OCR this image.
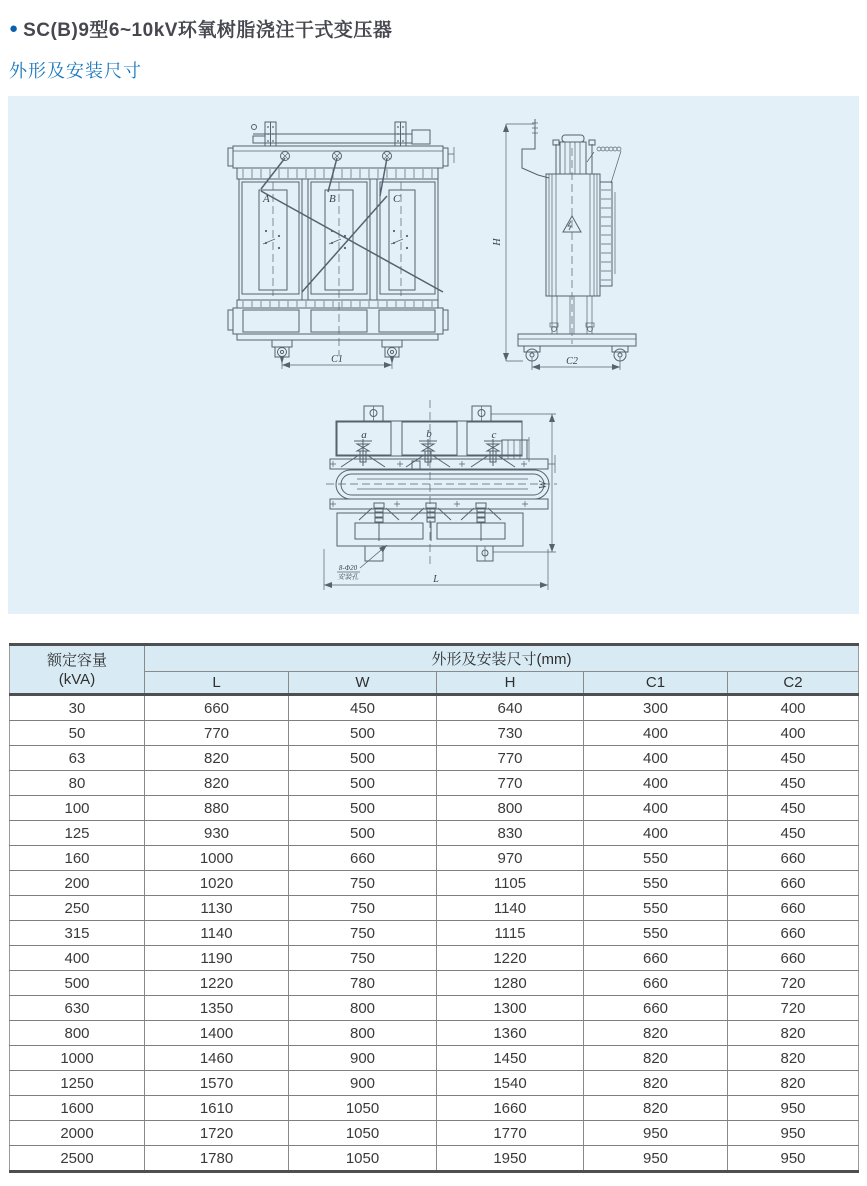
● SC(B)9型6~10kV环氧树脂浇注干式变压器
外形及安装尺寸
C1
A	B	C
H
C2
8-Φ20
安装孔	L
W
a	b	c
额定容量
(kVA)	外形及安装尺寸(mm)				
	L	W	H	C1	C2
30	660	450	640	300	400
50	770	500	730	400	400
63	820	500	770	400	450
80	820	500	770	400	450
100	880	500	800	400	450
125	930	500	830	400	450
160	1000	660	970	550	660
200	1020	750	1105	550	660
250	1130	750	1140	550	660
315	1140	750	1115	550	660
400	1190	750	1220	660	660
500	1220	780	1280	660	720
630	1350	800	1300	660	720
800	1400	800	1360	820	820
1000	1460	900	1450	820	820
1250	1570	900	1540	820	820
1600	1610	1050	1660	820	950
2000	1720	1050	1770	950	950
2500	1780	1050	1950	950	950
